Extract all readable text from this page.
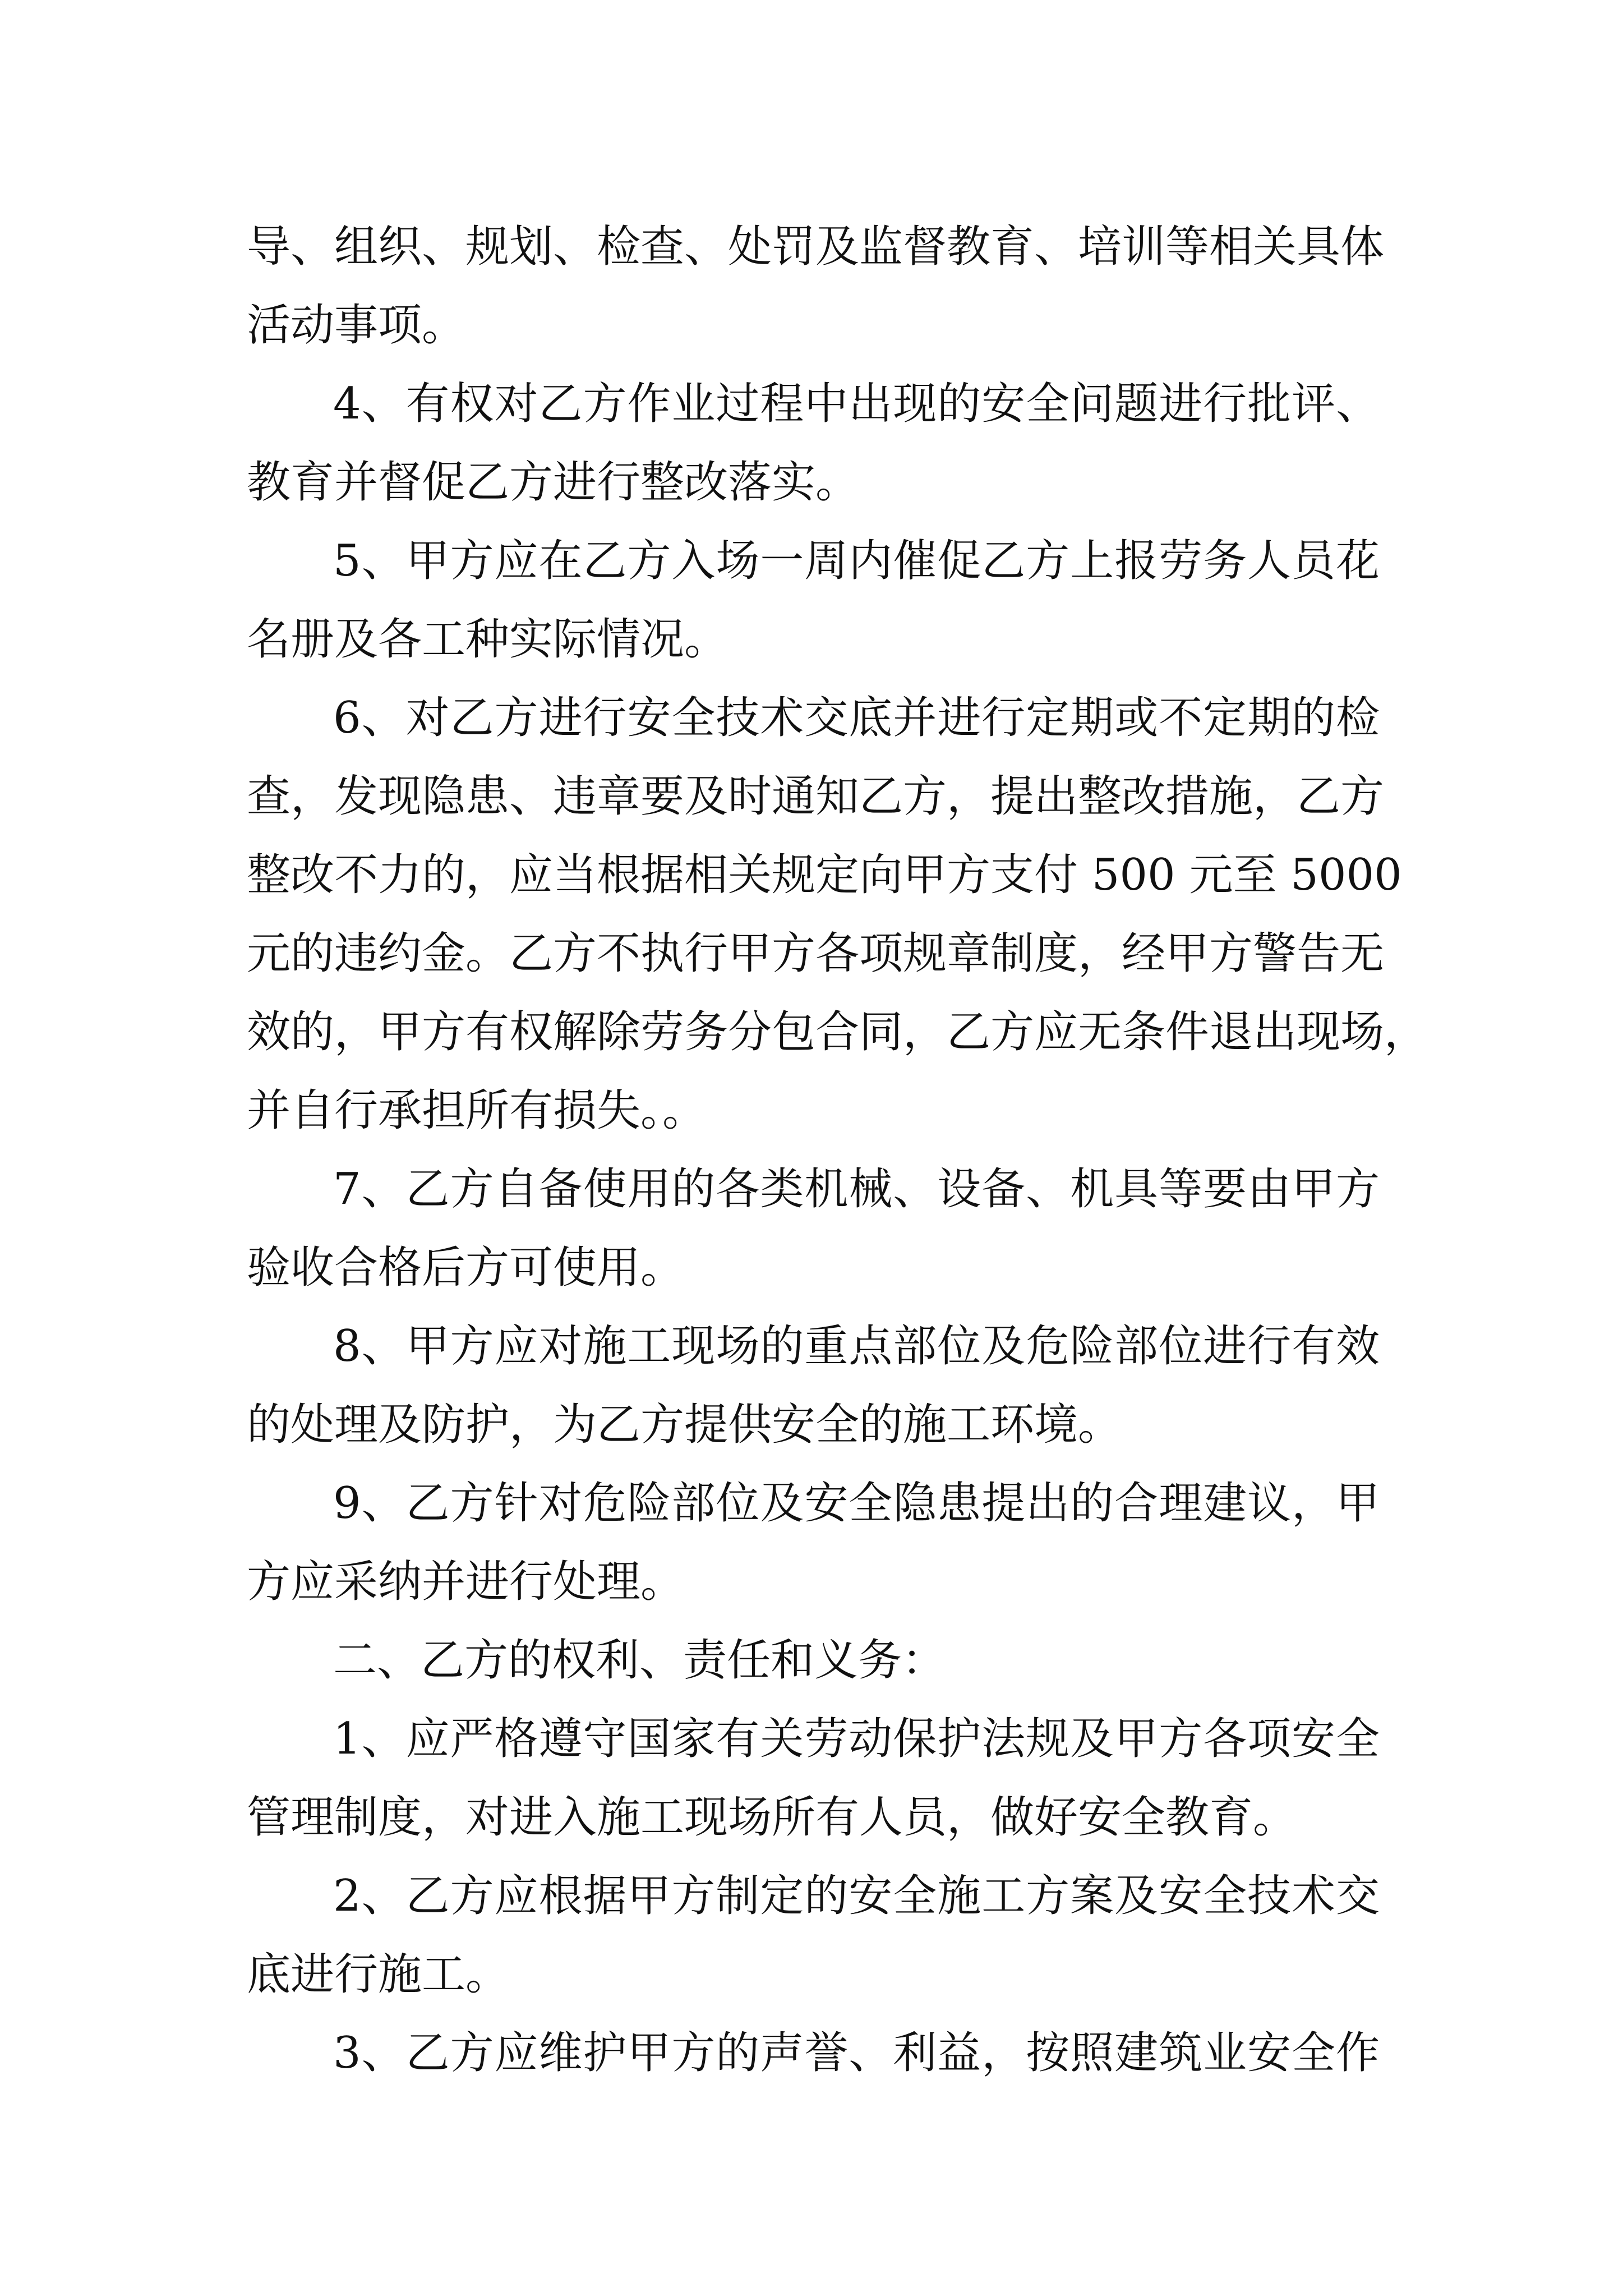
导、组织、规划、检查、处罚及监督教育、培训等相关具体

活动事项。

4、有权对乙方作业过程中出现的安全问题进行批评、

教育并督促乙方进行整改落实。

5、甲方应在乙方入场一周内催促乙方上报劳务人员花

名册及各工种实际情况。

6、对乙方进行安全技术交底并进行定期或不定期的检

查，发现隐患、违章要及时通知乙方，提出整改措施，乙方

整改不力的，应当根据相关规定向甲方支付 500 元至 5000

元的违约金。乙方不执行甲方各项规章制度，经甲方警告无

效的，甲方有权解除劳务分包合同，乙方应无条件退出现场，

并自行承担所有损失。。

7、乙方自备使用的各类机械、设备、机具等要由甲方

验收合格后方可使用。

8、甲方应对施工现场的重点部位及危险部位进行有效

的处理及防护，为乙方提供安全的施工环境。

9、乙方针对危险部位及安全隐患提出的合理建议，甲

方应采纳并进行处理。

二、乙方的权利、责任和义务：

1、应严格遵守国家有关劳动保护法规及甲方各项安全

管理制度，对进入施工现场所有人员，做好安全教育。

2、乙方应根据甲方制定的安全施工方案及安全技术交

底进行施工。

3、乙方应维护甲方的声誉、利益，按照建筑业安全作
